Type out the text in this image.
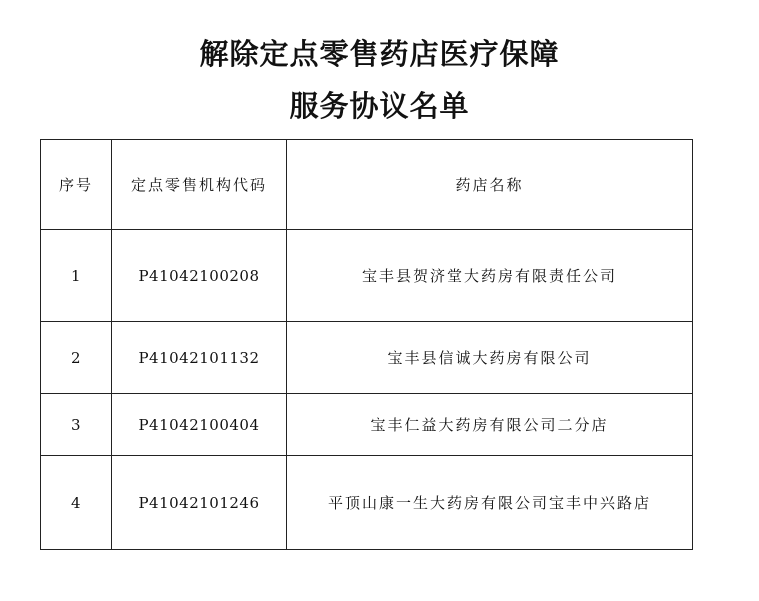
解除定点零售药店医疗保障
服务协议名单
序号	定点零售机构代码	药店名称
1	P41042100208	宝丰县贺济堂大药房有限责任公司
2	P41042101132	宝丰县信诚大药房有限公司
3	P41042100404	宝丰仁益大药房有限公司二分店
4	P41042101246	平顶山康一生大药房有限公司宝丰中兴路店
